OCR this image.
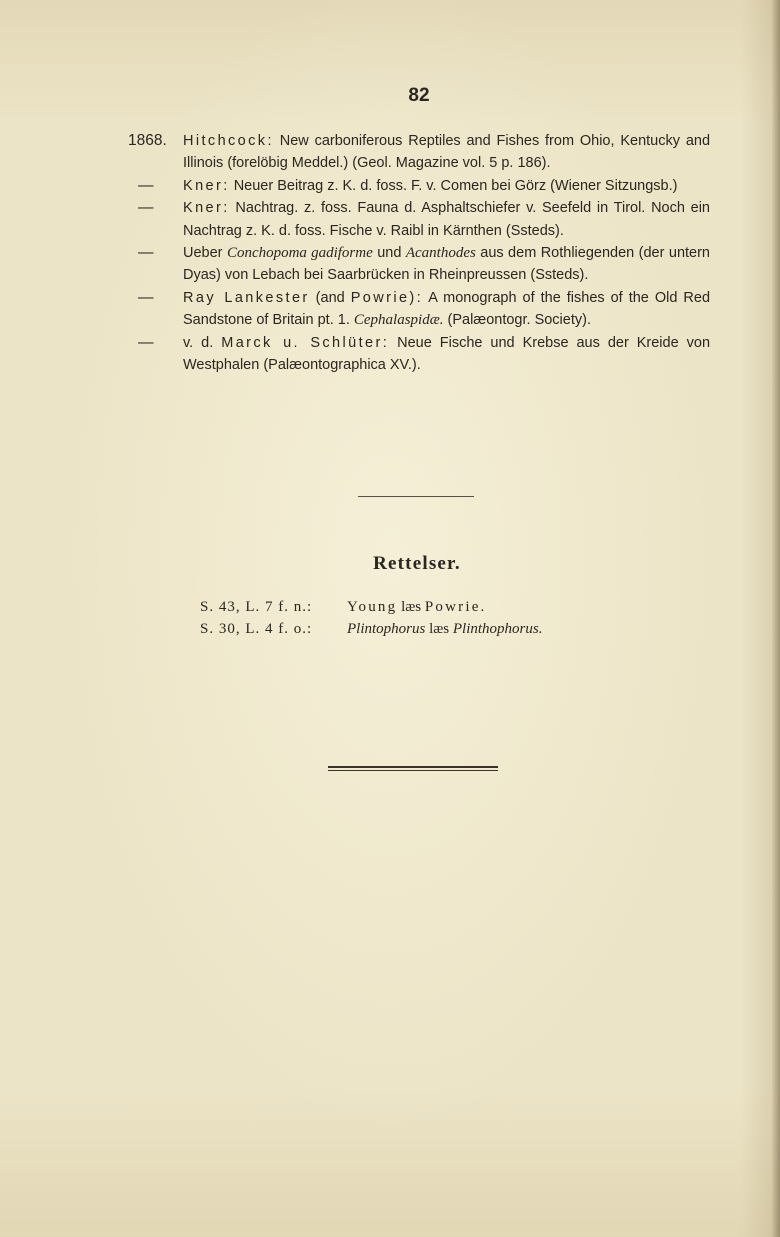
82
1868.	Hitchcock: New carboniferous Reptiles and Fishes from Ohio, Kentucky and Illinois (forelöbig Meddel.) (Geol. Magazine vol. 5 p. 186).
—	Kner: Neuer Beitrag z. K. d. foss. F. v. Comen bei Görz (Wiener Sitzungsb.)
—	Kner: Nachtrag. z. foss. Fauna d. Asphaltschiefer v. Seefeld in Tirol. Noch ein Nachtrag z. K. d. foss. Fische v. Raibl in Kärnthen (Ssteds).
—	Ueber Conchopoma gadiforme und Acanthodes aus dem Rothliegenden (der untern Dyas) von Lebach bei Saarbrücken in Rheinpreussen (Ssteds).
—	Ray Lankester (and Powrie): A monograph of the fishes of the Old Red Sandstone of Britain pt. 1. Cephalaspidæ. (Palæontogr. Society).
—	v. d. Marck u. Schlüter: Neue Fische und Krebse aus der Kreide von Westphalen (Palæontographica XV.).
Rettelser.
S. 43, L. 7 f. n.: Young læs Powrie.
S. 30, L. 4 f. o.: Plintophorus læs Plinthophorus.
